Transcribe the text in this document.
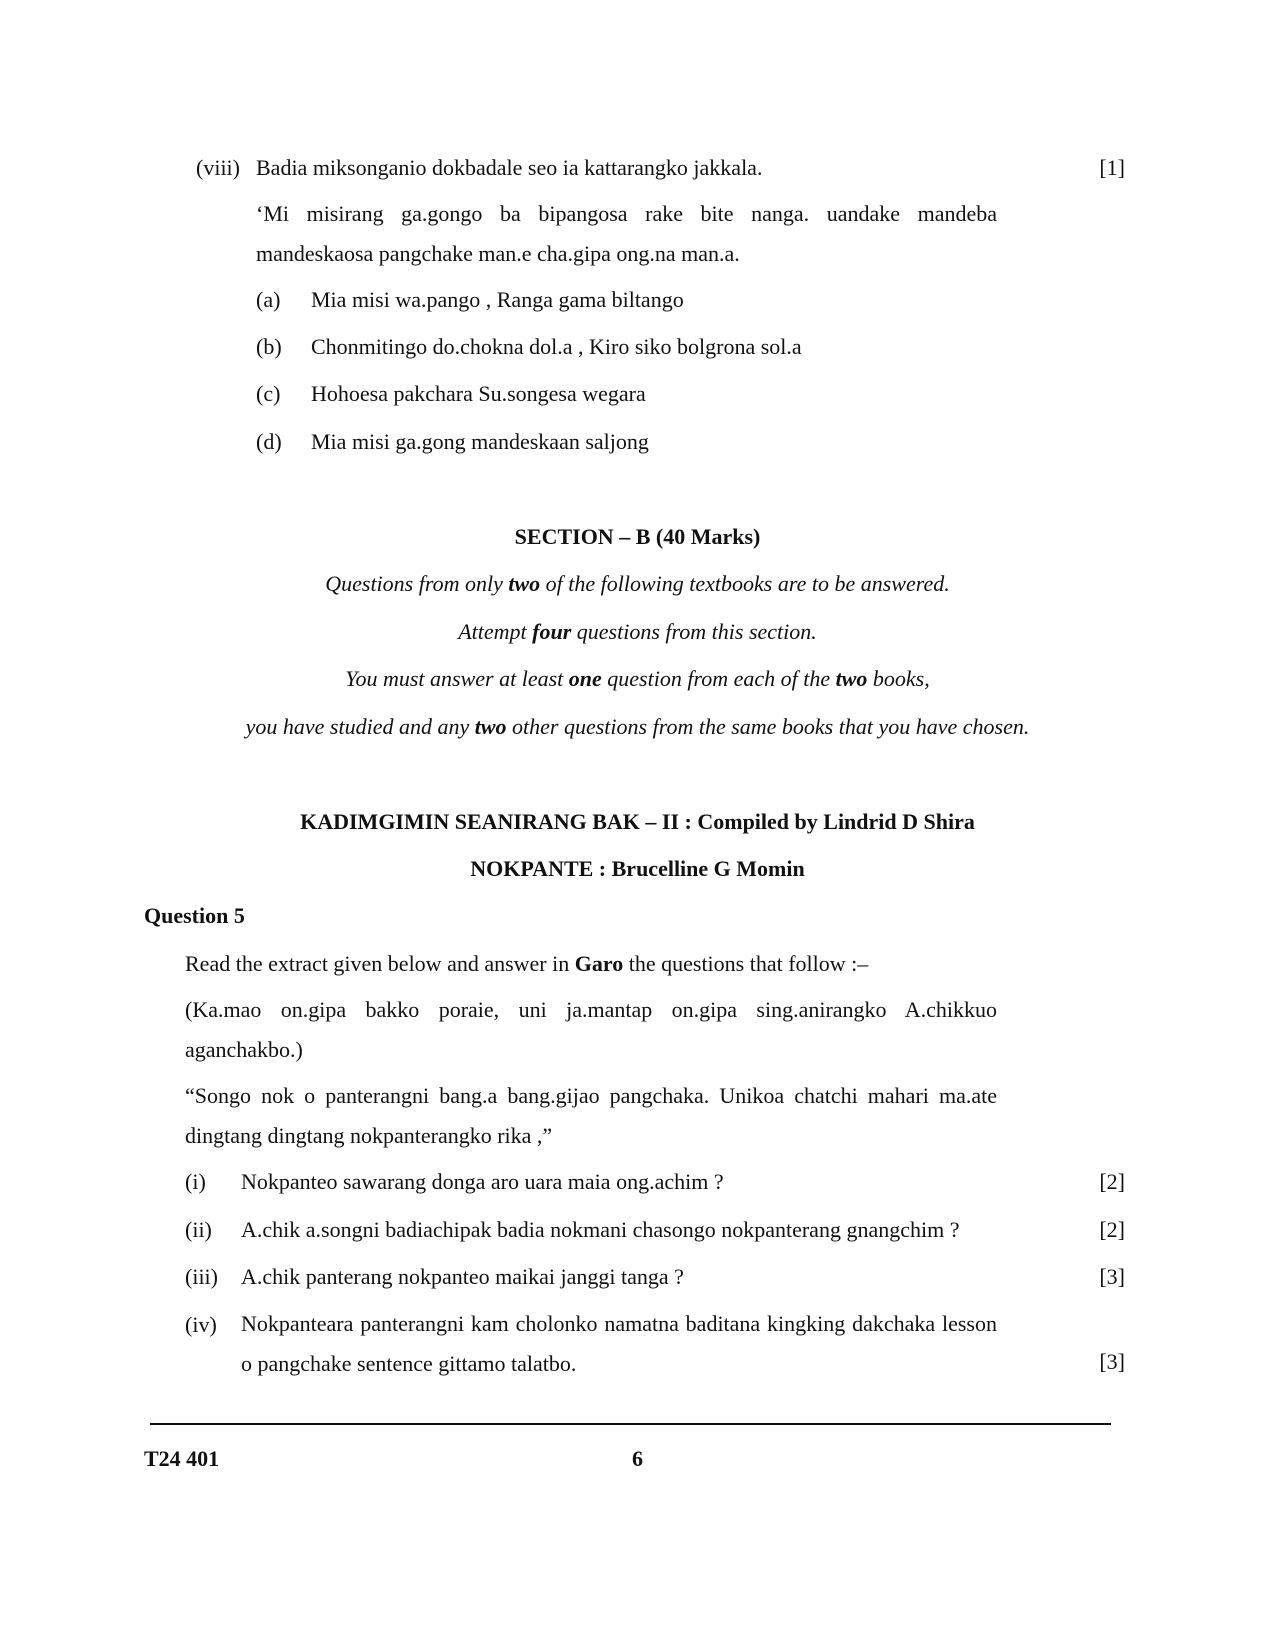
(viii) Badia miksonganio dokbadale seo ia kattarangko jakkala.	[1]
‘Mi misirang ga.gongo ba bipangosa rake bite nanga. uandake mandeba mandeskaosa pangchake man.e cha.gipa ong.na man.a.
(a) Mia misi wa.pango , Ranga gama biltango
(b) Chonmitingo do.chokna dol.a , Kiro siko bolgrona sol.a
(c) Hohoesa pakchara Su.songesa wegara
(d) Mia misi ga.gong mandeskaan saljong
SECTION – B (40 Marks)
Questions from only two of the following textbooks are to be answered.
Attempt four questions from this section.
You must answer at least one question from each of the two books,
you have studied and any two other questions from the same books that you have chosen.
KADIMGIMIN SEANIRANG BAK – II : Compiled by Lindrid D Shira
NOKPANTE : Brucelline G Momin
Question 5
Read the extract given below and answer in Garo the questions that follow :–
(Ka.mao on.gipa bakko poraie, uni ja.mantap on.gipa sing.anirangko A.chikkuo aganchakbo.)
“Songo nok o panterangni bang.a bang.gijao pangchaka. Unikoa chatchi mahari ma.ate dingtang dingtang nokpanterangko rika ,”
(i) Nokpanteo sawarang donga aro uara maia ong.achim ?	[2]
(ii) A.chik a.songni badiachipak badia nokmani chasongo nokpanterang gnangchim ?	[2]
(iii) A.chik panterang nokpanteo maikai janggi tanga ?	[3]
(iv) Nokpanteara panterangni kam cholonko namatna baditana kingking dakchaka lesson o pangchake sentence gittamo talatbo.	[3]
T24 401	6
